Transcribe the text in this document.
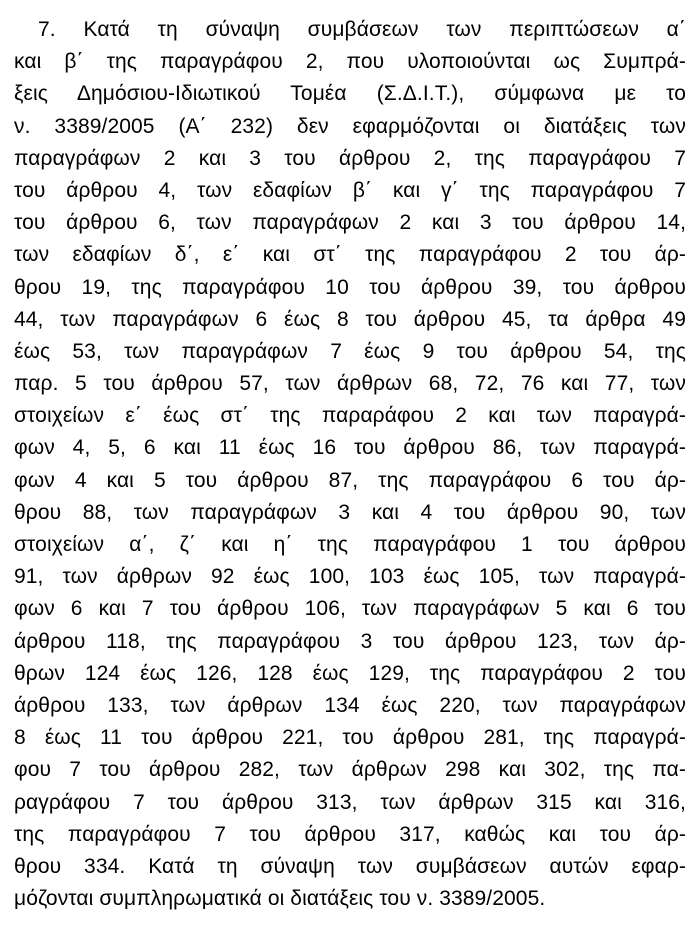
7. Κατά τη σύναψη συμβάσεων των περιπτώσεων α΄
και β΄ της παραγράφου 2, που υλοποιούνται ως Συμπρά-
ξεις Δημόσιου-Ιδιωτικού Τομέα (Σ.Δ.Ι.Τ.), σύμφωνα με το
ν. 3389/2005 (Α΄ 232) δεν εφαρμόζονται οι διατάξεις των
παραγράφων 2 και 3 του άρθρου 2, της παραγράφου 7
του άρθρου 4, των εδαφίων β΄ και γ΄ της παραγράφου 7
του άρθρου 6, των παραγράφων 2 και 3 του άρθρου 14,
των εδαφίων δ΄, ε΄ και στ΄ της παραγράφου 2 του άρ-
θρου 19, της παραγράφου 10 του άρθρου 39, του άρθρου
44, των παραγράφων 6 έως 8 του άρθρου 45, τα άρθρα 49
έως 53, των παραγράφων 7 έως 9 του άρθρου 54, της
παρ. 5 του άρθρου 57, των άρθρων 68, 72, 76 και 77, των
στοιχείων ε΄ έως στ΄ της παραράφου 2 και των παραγρά-
φων 4, 5, 6 και 11 έως 16 του άρθρου 86, των παραγρά-
φων 4 και 5 του άρθρου 87, της παραγράφου 6 του άρ-
θρου 88, των παραγράφων 3 και 4 του άρθρου 90, των
στοιχείων α΄, ζ΄ και η΄ της παραγράφου 1 του άρθρου
91, των άρθρων 92 έως 100, 103 έως 105, των παραγρά-
φων 6 και 7 του άρθρου 106, των παραγράφων 5 και 6 του
άρθρου 118, της παραγράφου 3 του άρθρου 123, των άρ-
θρων 124 έως 126, 128 έως 129, της παραγράφου 2 του
άρθρου 133, των άρθρων 134 έως 220, των παραγράφων
8 έως 11 του άρθρου 221, του άρθρου 281, της παραγρά-
φου 7 του άρθρου 282, των άρθρων 298 και 302, της πα-
ραγράφου 7 του άρθρου 313, των άρθρων 315 και 316,
της παραγράφου 7 του άρθρου 317, καθώς και του άρ-
θρου 334. Κατά τη σύναψη των συμβάσεων αυτών εφαρ-
μόζονται συμπληρωματικά οι διατάξεις του ν. 3389/2005.
